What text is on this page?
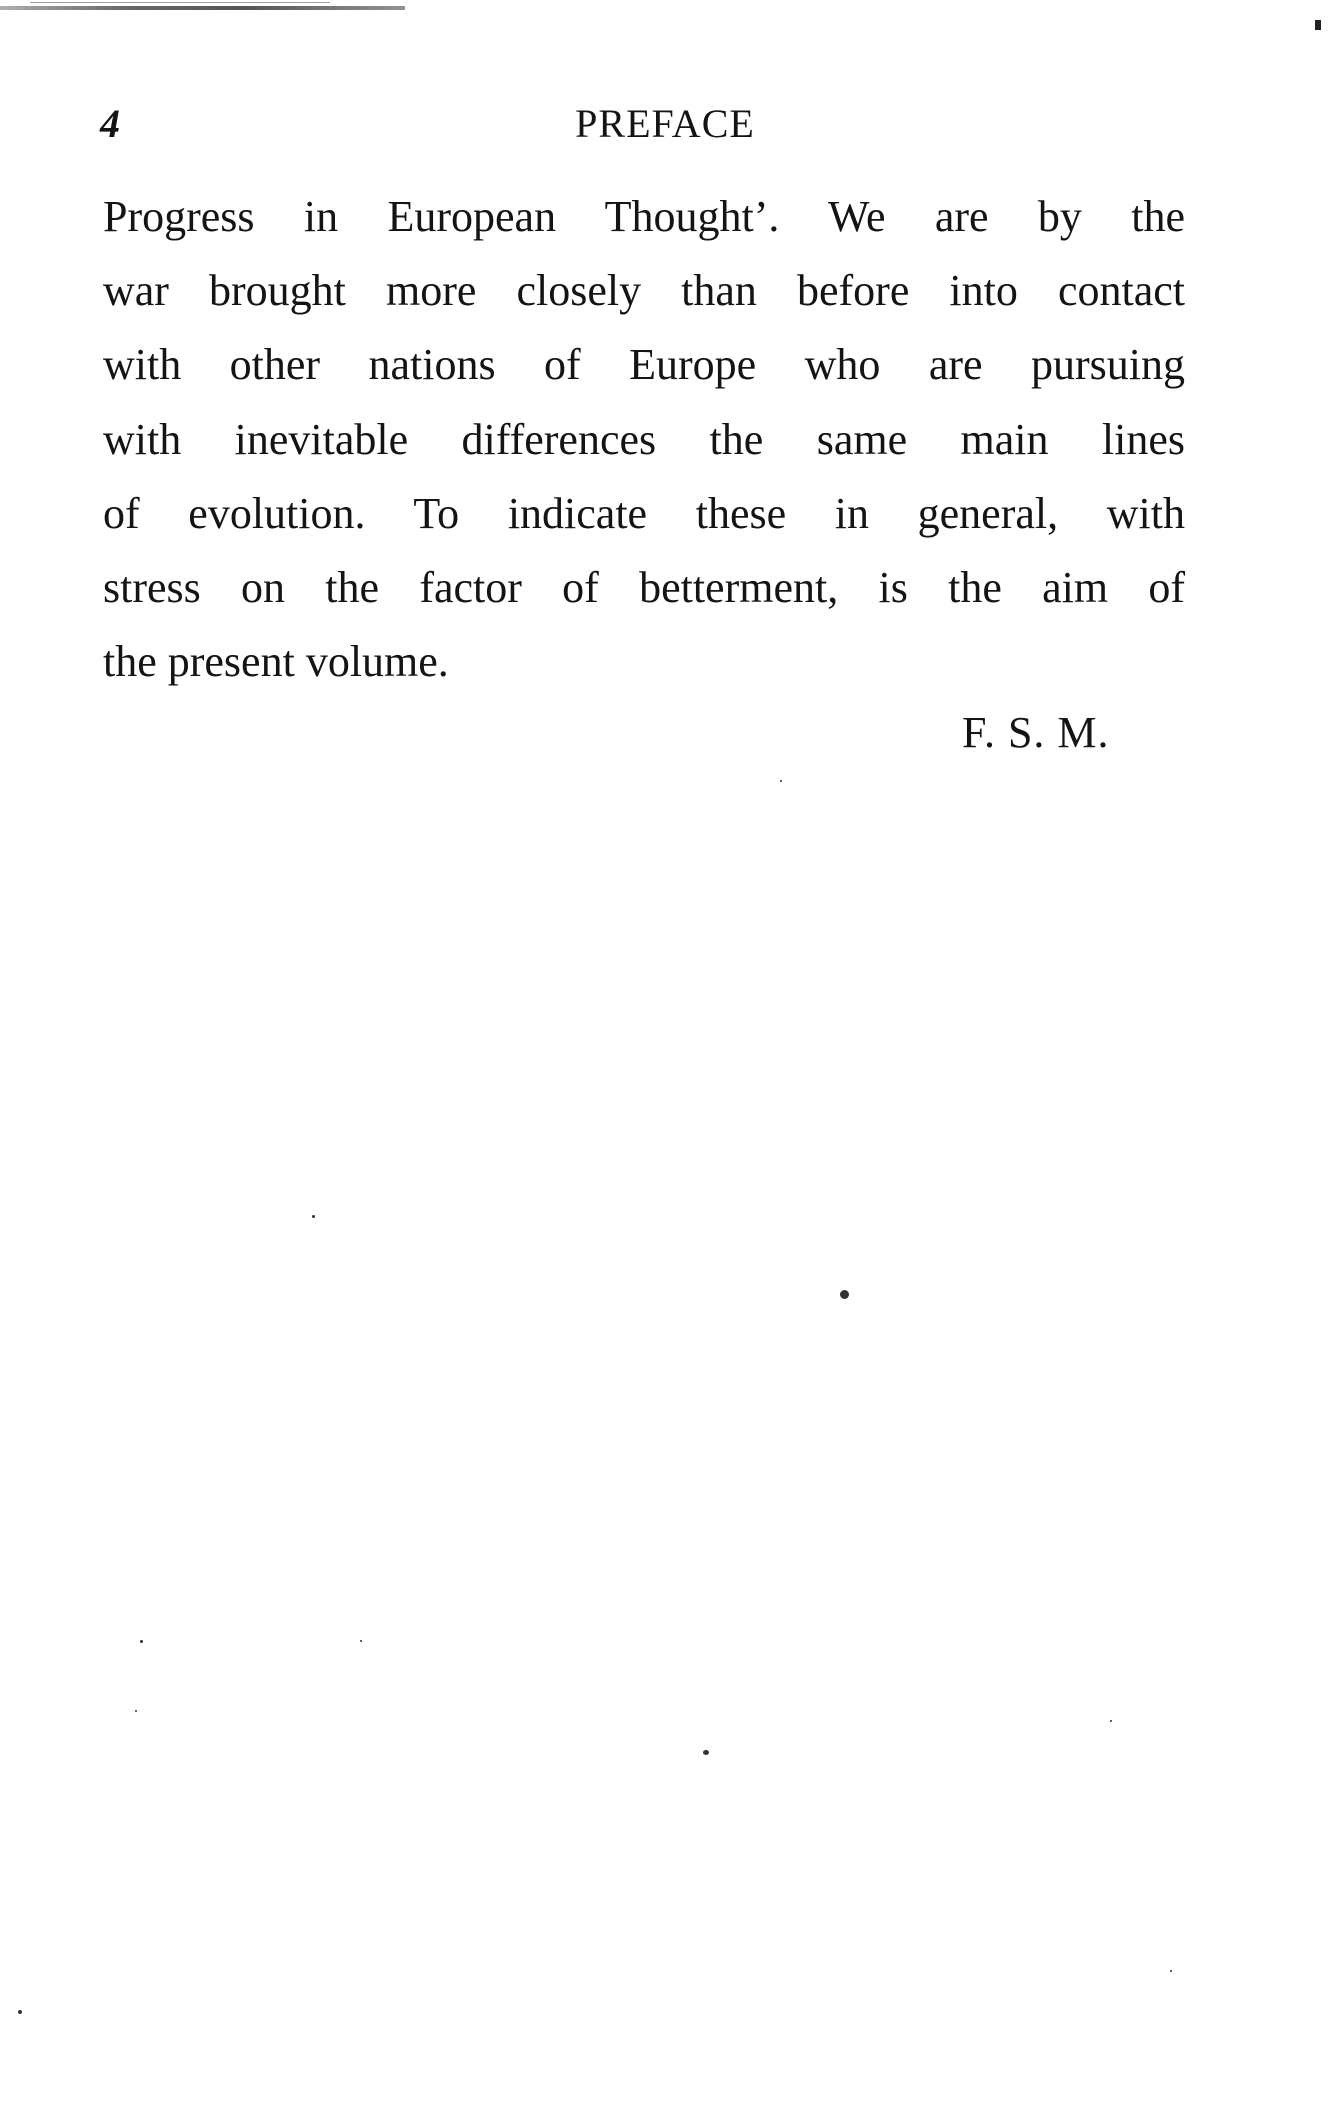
4	PREFACE
Progress in European Thought’. We are by the
war brought more closely than before into contact
with other nations of Europe who are pursuing
with inevitable differences the same main lines
of evolution. To indicate these in general, with
stress on the factor of betterment, is the aim of
the present volume.
F. S. M.
